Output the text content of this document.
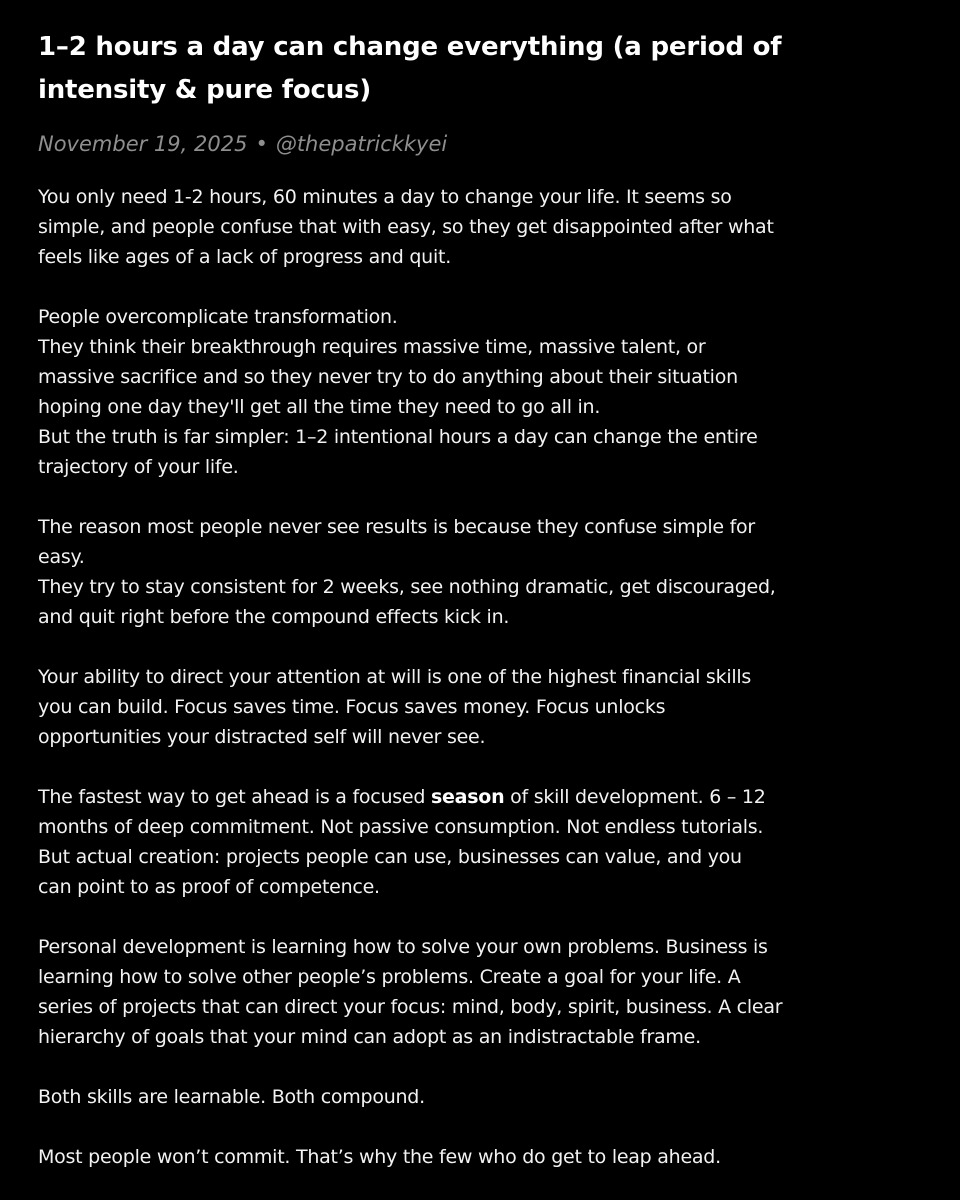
1–2 hours a day can change everything (a period of
intensity & pure focus)
November 19, 2025 • @thepatrickkyei
You only need 1-2 hours, 60 minutes a day to change your life. It seems so
simple, and people confuse that with easy, so they get disappointed after what
feels like ages of a lack of progress and quit.
People overcomplicate transformation.
They think their breakthrough requires massive time, massive talent, or
massive sacrifice and so they never try to do anything about their situation
hoping one day they'll get all the time they need to go all in.
But the truth is far simpler: 1–2 intentional hours a day can change the entire
trajectory of your life.
The reason most people never see results is because they confuse simple for
easy.
They try to stay consistent for 2 weeks, see nothing dramatic, get discouraged,
and quit right before the compound effects kick in.
Your ability to direct your attention at will is one of the highest financial skills
you can build. Focus saves time. Focus saves money. Focus unlocks
opportunities your distracted self will never see.
The fastest way to get ahead is a focused season of skill development. 6 – 12
months of deep commitment. Not passive consumption. Not endless tutorials.
But actual creation: projects people can use, businesses can value, and you
can point to as proof of competence.
Personal development is learning how to solve your own problems. Business is
learning how to solve other people’s problems. Create a goal for your life. A
series of projects that can direct your focus: mind, body, spirit, business. A clear
hierarchy of goals that your mind can adopt as an indistractable frame.
Both skills are learnable. Both compound.
Most people won’t commit. That’s why the few who do get to leap ahead.
